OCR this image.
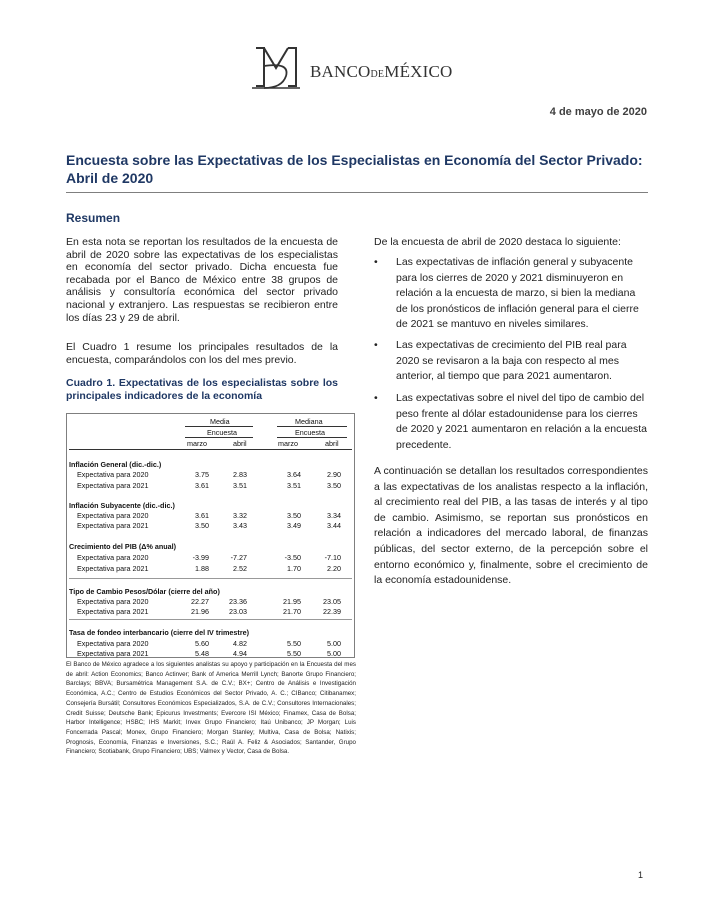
BANCODEMÉXICO
4 de mayo de 2020
Encuesta sobre las Expectativas de los Especialistas en Economía del Sector Privado: Abril de 2020
Resumen
En esta nota se reportan los resultados de la encuesta de abril de 2020 sobre las expectativas de los especialistas en economía del sector privado. Dicha encuesta fue recabada por el Banco de México entre 38 grupos de análisis y consultoría económica del sector privado nacional y extranjero. Las respuestas se recibieron entre los días 23 y 29 de abril.
El Cuadro 1 resume los principales resultados de la encuesta, comparándolos con los del mes previo.
Cuadro 1. Expectativas de los especialistas sobre los principales indicadores de la economía
Media	Mediana
Encuesta	Encuesta
marzo	abril	marzo	abril
Inflación General (dic.-dic.)
Expectativa para 2020	3.75	2.83	3.64	2.90
Expectativa para 2021	3.61	3.51	3.51	3.50
Inflación Subyacente (dic.-dic.)
Expectativa para 2020	3.61	3.32	3.50	3.34
Expectativa para 2021	3.50	3.43	3.49	3.44
Crecimiento del PIB (Δ% anual)
Expectativa para 2020	-3.99	-7.27	-3.50	-7.10
Expectativa para 2021	1.88	2.52	1.70	2.20
Tipo de Cambio Pesos/Dólar (cierre del año)
Expectativa para 2020	22.27	23.36	21.95	23.05
Expectativa para 2021	21.96	23.03	21.70	22.39
Tasa de fondeo interbancario (cierre del IV trimestre)
Expectativa para 2020	5.60	4.82	5.50	5.00
Expectativa para 2021	5.48	4.94	5.50	5.00
El Banco de México agradece a los siguientes analistas su apoyo y participación en la Encuesta del mes de abril: Action Economics; Banco Actinver; Bank of America Merrill Lynch; Banorte Grupo Financiero; Barclays; BBVA; Bursamétrica Management S.A. de C.V.; BX+; Centro de Análisis e Investigación Económica, A.C.; Centro de Estudios Económicos del Sector Privado, A. C.; CIBanco; Citibanamex; Consejería Bursátil; Consultores Económicos Especializados, S.A. de C.V.; Consultores Internacionales; Credit Suisse; Deutsche Bank; Epicurus Investments; Evercore ISI México; Finamex, Casa de Bolsa; Harbor Intelligence; HSBC; IHS Markit; Invex Grupo Financiero; Itaú Unibanco; JP Morgan; Luis Foncerrada Pascal; Monex, Grupo Financiero; Morgan Stanley; Multiva, Casa de Bolsa; Natixis; Prognosis, Economía, Finanzas e Inversiones, S.C.; Raúl A. Feliz & Asociados; Santander, Grupo Financiero; Scotiabank, Grupo Financiero; UBS; Valmex y Vector, Casa de Bolsa.
De la encuesta de abril de 2020 destaca lo siguiente:
• Las expectativas de inflación general y subyacente para los cierres de 2020 y 2021 disminuyeron en relación a la encuesta de marzo, si bien la mediana de los pronósticos de inflación general para el cierre de 2021 se mantuvo en niveles similares.
• Las expectativas de crecimiento del PIB real para 2020 se revisaron a la baja con respecto al mes anterior, al tiempo que para 2021 aumentaron.
• Las expectativas sobre el nivel del tipo de cambio del peso frente al dólar estadounidense para los cierres de 2020 y 2021 aumentaron en relación a la encuesta precedente.
A continuación se detallan los resultados correspondientes a las expectativas de los analistas respecto a la inflación, al crecimiento real del PIB, a las tasas de interés y al tipo de cambio. Asimismo, se reportan sus pronósticos en relación a indicadores del mercado laboral, de finanzas públicas, del sector externo, de la percepción sobre el entorno económico y, finalmente, sobre el crecimiento de la economía estadounidense.
1
